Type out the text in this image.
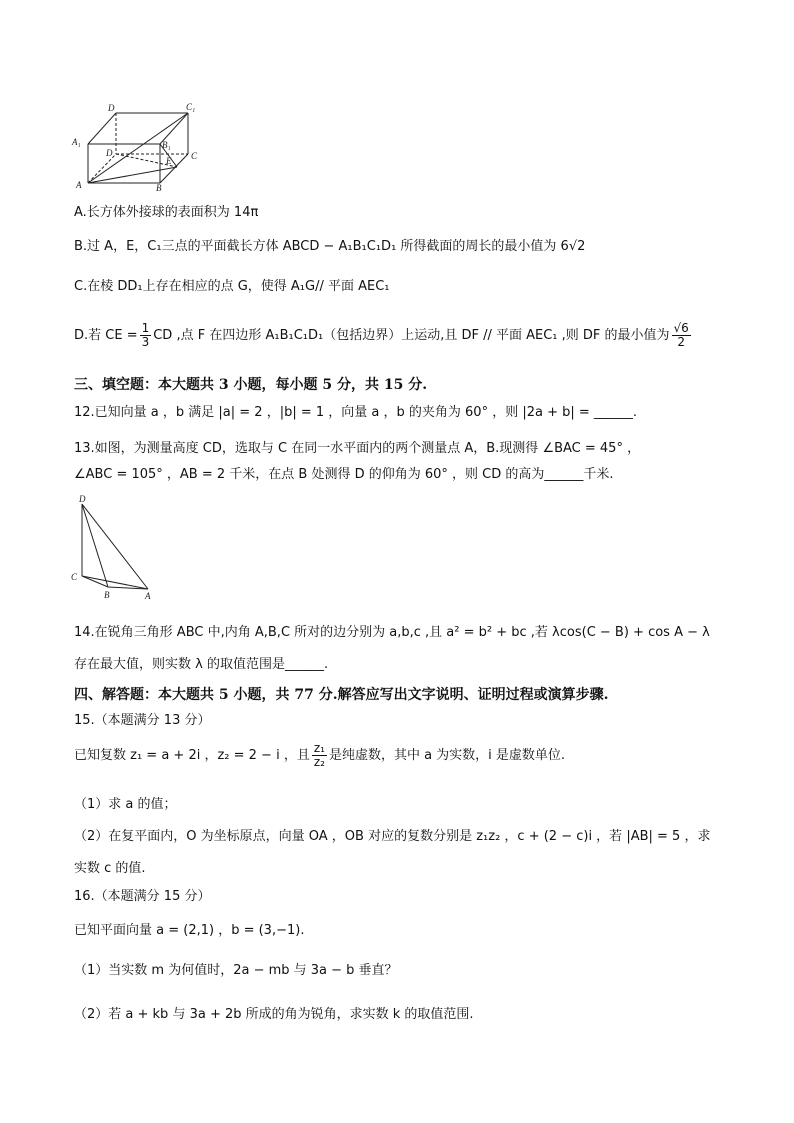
D	C₁
A₁
D
B₁
C
E
A	B
A.长方体外接球的表面积为 14π
B.过 A，E，C₁三点的平面截长方体 ABCD − A₁B₁C₁D₁ 所得截面的周长的最小值为 6√2
C.在棱 DD₁上存在相应的点 G，使得 A₁G// 平面 AEC₁
D.若 CE = $\frac{1}{3}$ CD ,点 F 在四边形 A₁B₁C₁D₁（包括边界）上运动,且 DF // 平面 AEC₁ ,则 DF 的最小值为 $\frac{√6}{2}$
三、填空题：本大题共 3 小题，每小题 5 分，共 15 分.
12.已知向量 a ，b 满足 |a| = 2 ，|b| = 1 ，向量 a ，b 的夹角为 60° ，则 |2a + b| = ______.
13.如图，为测量高度 CD，选取与 C 在同一水平面内的两个测量点 A，B.现测得 ∠BAC = 45° ，
∠ABC = 105° ，AB = 2 千米，在点 B 处测得 D 的仰角为 60° ，则 CD 的高为______千米.
D
C
B	A
14.在锐角三角形 ABC 中,内角 A,B,C 所对的边分别为 a,b,c ,且 a² = b² + bc ,若 λcos(C − B) + cos A − λ
存在最大值，则实数 λ 的取值范围是______.
四、解答题：本大题共 5 小题，共 77 分.解答应写出文字说明、证明过程或演算步骤.
15.（本题满分 13 分）
已知复数 z₁ = a + 2i ，z₂ = 2 − i ，且 $\frac{\text{z₁}}{\text{z₂}}$ 是纯虚数，其中 a 为实数，i 是虚数单位.
（1）求 a 的值；
（2）在复平面内，O 为坐标原点，向量 OA ，OB 对应的复数分别是 z₁z₂ ，c + (2 − c)i ，若 |AB| = 5 ，求
实数 c 的值.
16.（本题满分 15 分）
已知平面向量 a = (2,1) ，b = (3,−1).
（1）当实数 m 为何值时，2a − mb 与 3a − b 垂直？
（2）若 a + kb 与 3a + 2b 所成的角为锐角，求实数 k 的取值范围.
